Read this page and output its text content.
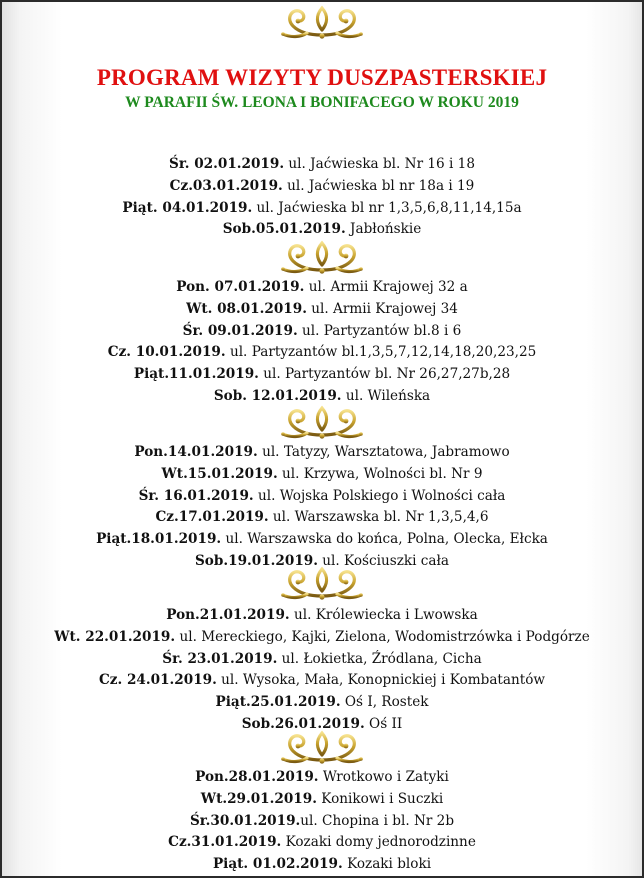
PROGRAM WIZYTY DUSZPASTERSKIEJ
W PARAFII ŚW. LEONA I BONIFACEGO W ROKU 2019
Śr. 02.01.2019. ul. Jaćwieska bl. Nr 16 i 18
Cz.03.01.2019. ul. Jaćwieska bl nr 18a i 19
Piąt. 04.01.2019. ul. Jaćwieska bl nr 1,3,5,6,8,11,14,15a
Sob.05.01.2019. Jabłońskie
Pon. 07.01.2019. ul. Armii Krajowej 32 a
Wt. 08.01.2019. ul. Armii Krajowej 34
Śr. 09.01.2019. ul. Partyzantów bl.8 i 6
Cz. 10.01.2019. ul. Partyzantów bl.1,3,5,7,12,14,18,20,23,25
Piąt.11.01.2019. ul. Partyzantów bl. Nr 26,27,27b,28
Sob. 12.01.2019. ul. Wileńska
Pon.14.01.2019. ul. Tatyzy, Warsztatowa, Jabramowo
Wt.15.01.2019. ul. Krzywa, Wolności bl. Nr 9
Śr. 16.01.2019. ul. Wojska Polskiego i Wolności cała
Cz.17.01.2019. ul. Warszawska bl. Nr 1,3,5,4,6
Piąt.18.01.2019. ul. Warszawska do końca, Polna, Olecka, Ełcka
Sob.19.01.2019. ul. Kościuszki cała
Pon.21.01.2019. ul. Królewiecka i Lwowska
Wt. 22.01.2019. ul. Mereckiego, Kajki, Zielona, Wodomistrzówka i Podgórze
Śr. 23.01.2019. ul. Łokietka, Źródlana, Cicha
Cz. 24.01.2019. ul. Wysoka, Mała, Konopnickiej i Kombatantów
Piąt.25.01.2019. Oś I, Rostek
Sob.26.01.2019. Oś II
Pon.28.01.2019. Wrotkowo i Zatyki
Wt.29.01.2019. Konikowi i Suczki
Śr.30.01.2019.ul. Chopina i bl. Nr 2b
Cz.31.01.2019. Kozaki domy jednorodzinne
Piąt. 01.02.2019. Kozaki bloki
